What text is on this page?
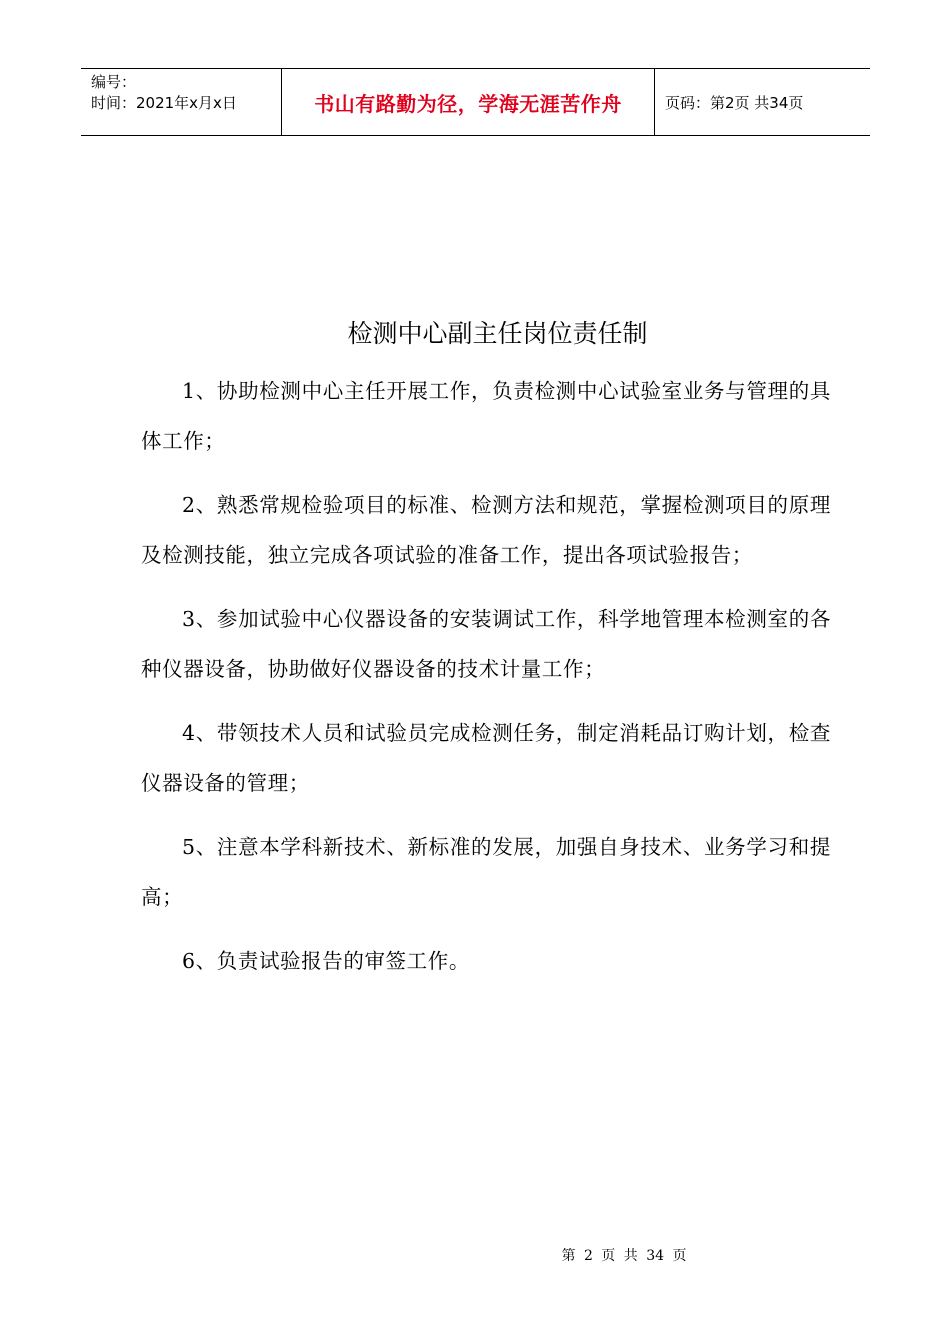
编号：
时间：2021年x月x日	书山有路勤为径，学海无涯苦作舟	页码：第2页 共34页
检测中心副主任岗位责任制

1、协助检测中心主任开展工作，负责检测中心试验室业务与管理的具体工作；

2、熟悉常规检验项目的标准、检测方法和规范，掌握检测项目的原理及检测技能，独立完成各项试验的准备工作，提出各项试验报告；

3、参加试验中心仪器设备的安装调试工作，科学地管理本检测室的各种仪器设备，协助做好仪器设备的技术计量工作；

4、带领技术人员和试验员完成检测任务，制定消耗品订购计划，检查仪器设备的管理；

5、注意本学科新技术、新标准的发展，加强自身技术、业务学习和提高；

6、负责试验报告的审签工作。

第 2 页 共 34 页
